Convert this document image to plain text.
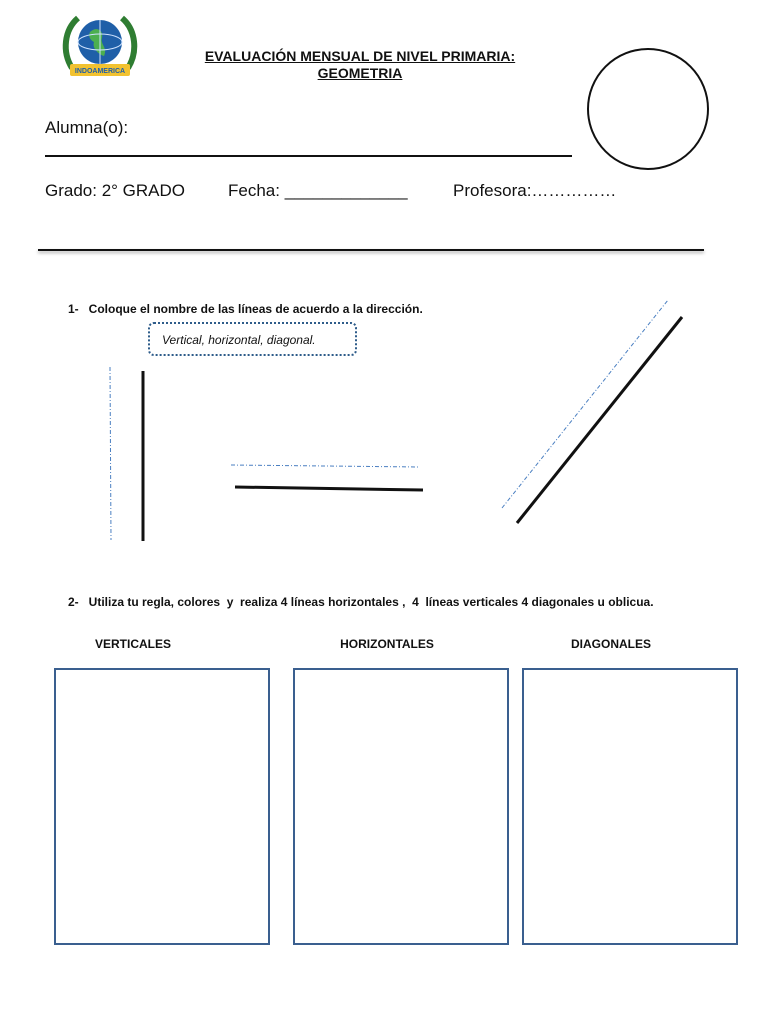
INDOAMERICA
EVALUACIÓN MENSUAL DE NIVEL PRIMARIA:
GEOMETRIA
Alumna(o):
Grado: 2° GRADO	Fecha: _____________	Profesora:……………
1-   Coloque el nombre de las líneas de acuerdo a la dirección.
Vertical, horizontal, diagonal.
2-   Utiliza tu regla, colores  y  realiza 4 líneas horizontales ,  4  líneas verticales 4 diagonales u oblicua.
VERTICALES	HORIZONTALES	DIAGONALES
